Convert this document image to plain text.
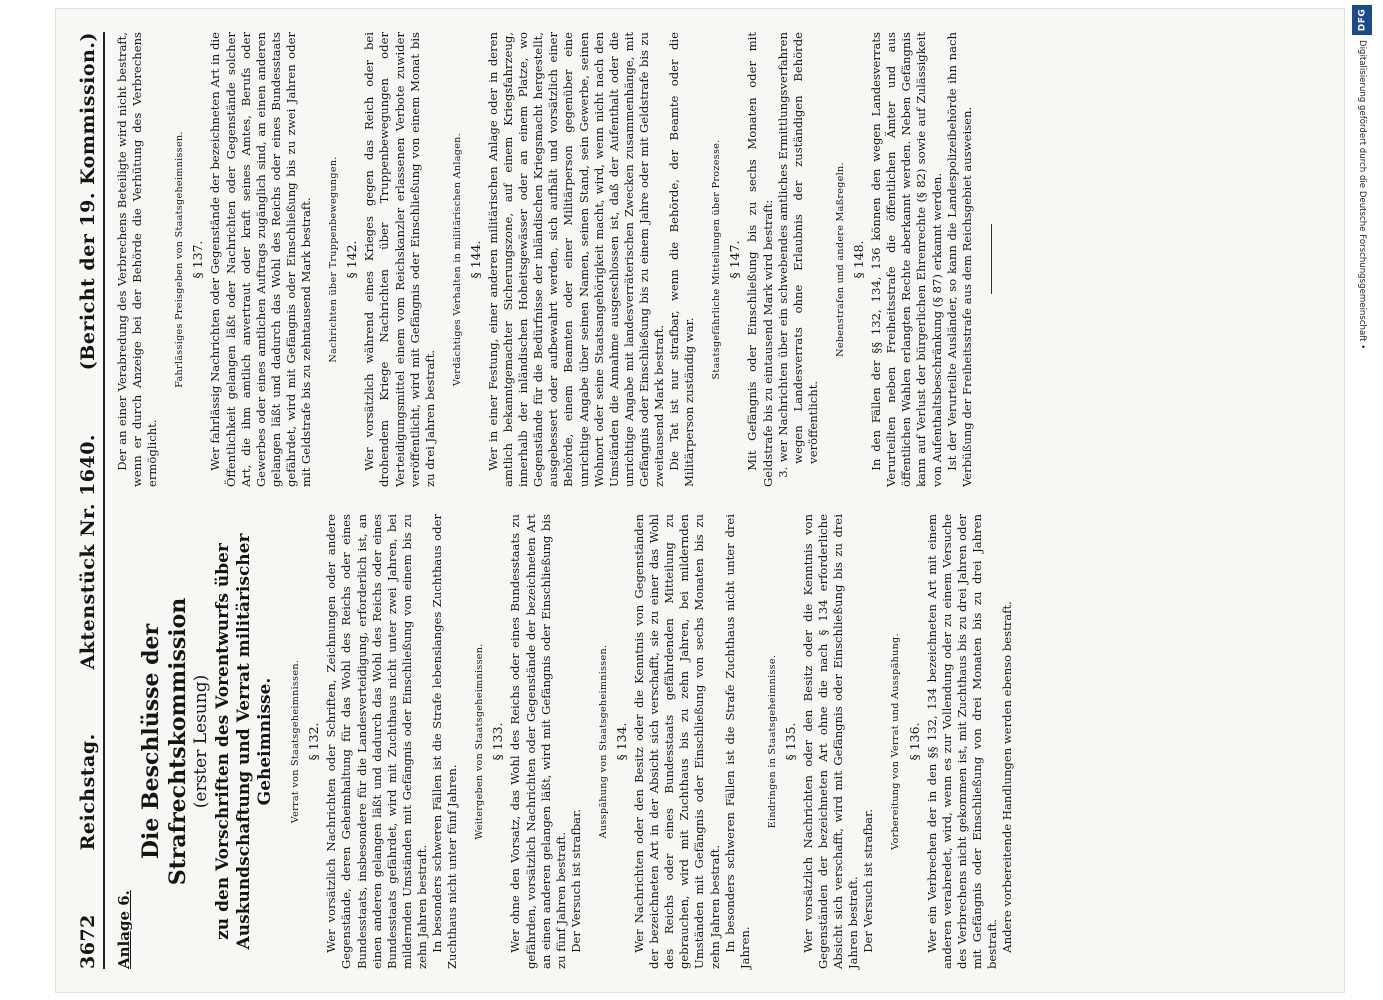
3672
Reichstag.
Aktenstück Nr. 1640.
(Bericht der 19. Kommission.)
Anlage 6.
Die Beschlüsse der Strafrechtskommission (erster Lesung) zu den Vorschriften des Vorentwurfs über Auskundschaftung und Verrat militärischer Geheimnisse. Verrat von Staatsgeheimnissen. § 132. Wer vorsätzlich Nachrichten oder Schriften, Zeichnungen oder andere Gegenstände, deren Geheimhaltung für das Wohl des Reichs oder eines Bundesstaats, insbesondere für die Landesverteidigung, erforderlich ist, an einen anderen gelangen läßt und dadurch das Wohl des Reichs oder eines Bundesstaats gefährdet, wird mit Zuchthaus nicht unter zwei Jahren, bei mildernden Umständen mit Gefängnis oder Einschließung von einem bis zu zehn Jahren bestraft. In besonders schweren Fällen ist die Strafe lebenslanges Zuchthaus oder Zuchthaus nicht unter fünf Jahren.

Weitergeben von Staatsgeheimnissen. § 133. Wer ohne den Vorsatz, das Wohl des Reichs oder eines Bundesstaats zu gefährden, vorsätzlich Nachrichten oder Gegenstände der bezeichneten Art an einen anderen gelangen läßt, wird mit Gefängnis oder Einschließung bis zu fünf Jahren bestraft. Der Versuch ist strafbar.

Ausspähung von Staatsgeheimnissen. § 134. Wer Nachrichten oder den Besitz oder die Kenntnis von Gegenständen der bezeichneten Art in der Absicht sich verschafft, sie zu einer das Wohl des Reichs oder eines Bundesstaats gefährdenden Mitteilung zu gebrauchen, wird mit Zuchthaus bis zu zehn Jahren, bei mildernden Umständen mit Gefängnis oder Einschließung von sechs Monaten bis zu zehn Jahren bestraft. In besonders schweren Fällen ist die Strafe Zuchthaus nicht unter drei Jahren.

Eindringen in Staatsgeheimnisse. § 135. Wer vorsätzlich Nachrichten oder den Besitz oder die Kenntnis von Gegenständen der bezeichneten Art ohne die nach § 134 erforderliche Absicht sich verschafft, wird mit Gefängnis oder Einschließung bis zu drei Jahren bestraft. Der Versuch ist strafbar.

Vorbereitung von Verrat und Ausspähung. § 136. Wer ein Verbrechen der in den §§ 132, 134 bezeichneten Art mit einem anderen verabredet, wird, wenn es zur Vollendung oder zu einem Versuche des Verbrechens nicht gekommen ist, mit Zuchthaus bis zu drei Jahren oder mit Gefängnis oder Einschließung von drei Monaten bis zu drei Jahren bestraft. Andere vorbereitende Handlungen werden ebenso bestraft.

Der an einer Verabredung des Verbrechens Beteiligte wird nicht bestraft, wenn er durch Anzeige bei der Behörde die Verhütung des Verbrechens ermöglicht.

Fahrlässiges Preisgeben von Staatsgeheimnissen. § 137. Wer fahrlässig Nachrichten oder Gegenstände der bezeichneten Art in die Öffentlichkeit gelangen läßt oder Nachrichten oder Gegenstände solcher Art, die ihm amtlich anvertraut oder kraft seines Amtes, Berufs oder Gewerbes oder eines amtlichen Auftrags zugänglich sind, an einen anderen gelangen läßt und dadurch das Wohl des Reichs oder eines Bundesstaats gefährdet, wird mit Gefängnis oder Einschließung bis zu zwei Jahren oder mit Geldstrafe bis zu zehntausend Mark bestraft. Nachrichten über Truppenbewegungen. § 142. Wer vorsätzlich während eines Krieges gegen das Reich oder bei drohendem Kriege Nachrichten über Truppenbewegungen oder Verteidigungsmittel einem vom Reichskanzler erlassenen Verbote zuwider veröffentlicht, wird mit Gefängnis oder Einschließung von einem Monat bis zu drei Jahren bestraft.

Verdächtiges Verhalten in militärischen Anlagen. § 144. Wer in einer Festung, einer anderen militärischen Anlage oder in deren amtlich bekanntgemachter Sicherungszone, auf einem Kriegsfahrzeug, innerhalb der inländischen Hoheitsgewässer oder an einem Platze, wo Gegenstände für die Bedürfnisse der inländischen Kriegsmacht hergestellt, ausgebessert oder aufbewahrt werden, sich aufhält und vorsätzlich einer Behörde, einem Beamten oder einer Militärperson gegenüber eine unrichtige Angabe über seinen Namen, seinen Stand, sein Gewerbe, seinen Wohnort oder seine Staatsangehörigkeit macht, wird, wenn nicht nach den Umständen die Annahme ausgeschlossen ist, daß der Aufenthalt oder die unrichtige Angabe mit landesverräterischen Zwecken zusammenhänge, mit Gefängnis oder Einschließung bis zu einem Jahre oder mit Geldstrafe bis zu zweitausend Mark bestraft. Die Tat ist nur strafbar, wenn die Behörde, der Beamte oder die Militärperson zuständig war.

Staatsgefährliche Mitteilungen über Prozesse. § 147. Mit Gefängnis oder Einschließung bis zu sechs Monaten oder mit Geldstrafe bis zu eintausend Mark wird bestraft: 3. wer Nachrichten über ein schwebendes amtliches Ermittlungsverfahren wegen Landesverrats ohne Erlaubnis der zuständigen Behörde veröffentlicht.

Nebenstrafen und andere Maßregeln. § 148. In den Fällen der §§ 132, 134, 136 können den wegen Landesverrats Verurteilten neben Freiheitsstrafe die öffentlichen Ämter und aus öffentlichen Wahlen erlangten Rechte aberkannt werden. Neben Gefängnis kann auf Verlust der bürgerlichen Ehrenrechte (§ 82) sowie auf Zulässigkeit von Aufenthaltsbeschränkung (§ 87) erkannt werden. Ist der Verurteilte Ausländer, so kann die Landespolizeibehörde ihn nach Verbüßung der Freiheitsstrafe aus dem Reichsgebiet ausweisen.

DFG
Digitalisierung gefördert durch die Deutsche Forschungsgemeinschaft •
